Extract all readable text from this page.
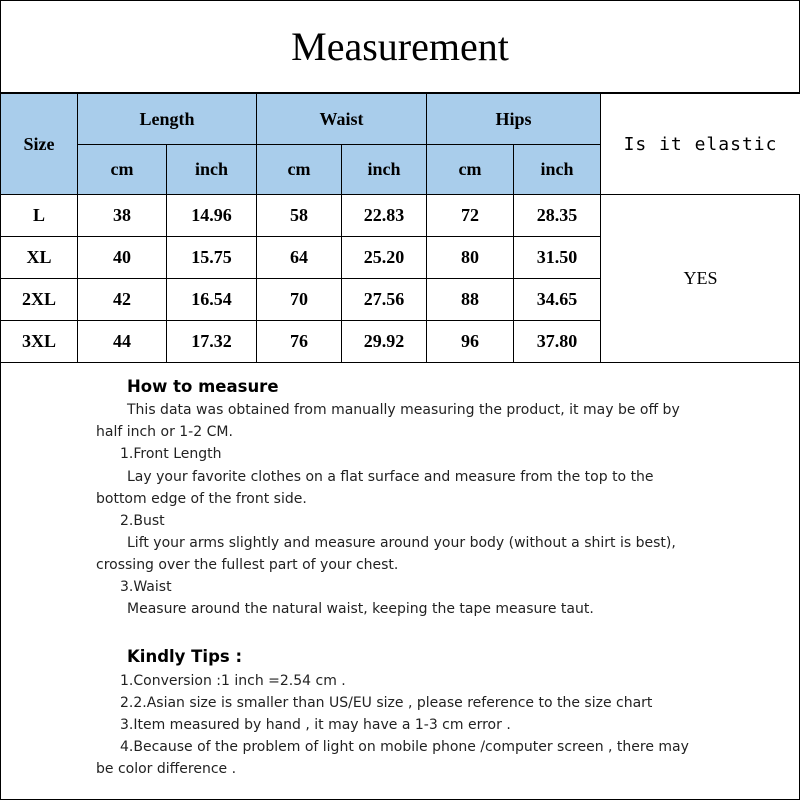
Measurement
Size	Length		Waist		Hips		Is it elastic
	cm	inch	cm	inch	cm	inch	
L	38	14.96	58	22.83	72	28.35	YES
XL	40	15.75	64	25.20	80	31.50	
2XL	42	16.54	70	27.56	88	34.65	
3XL	44	17.32	76	29.92	96	37.80	
How to measure
This data was obtained from manually measuring the product, it may be off by
half inch or 1-2 CM.
1.Front Length
Lay your favorite clothes on a flat surface and measure from the top to the
bottom edge of the front side.
2.Bust
Lift your arms slightly and measure around your body (without a shirt is best),
crossing over the fullest part of your chest.
3.Waist
Measure around the natural waist, keeping the tape measure taut.
Kindly Tips :
1.Conversion :1 inch =2.54 cm .
2.2.Asian size is smaller than US/EU size , please reference to the size chart
3.Item measured by hand , it may have a 1-3 cm error .
4.Because of the problem of light on mobile phone /computer screen , there may
be color difference .
